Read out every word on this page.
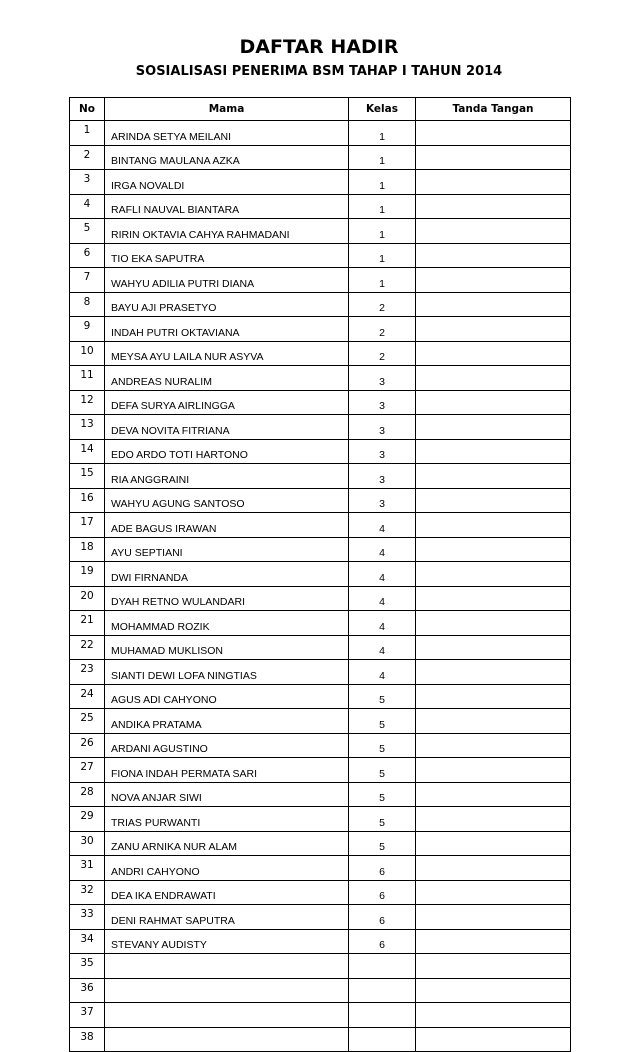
DAFTAR HADIR
SOSIALISASI PENERIMA BSM TAHAP I TAHUN 2014
No	Mama	Kelas	Tanda Tangan
1	ARINDA SETYA MEILANI	1	
2	BINTANG MAULANA AZKA	1	
3	IRGA NOVALDI	1	
4	RAFLI NAUVAL BIANTARA	1	
5	RIRIN OKTAVIA CAHYA RAHMADANI	1	
6	TIO EKA SAPUTRA	1	
7	WAHYU ADILIA PUTRI DIANA	1	
8	BAYU AJI PRASETYO	2	
9	INDAH PUTRI OKTAVIANA	2	
10	MEYSA AYU LAILA NUR ASYVA	2	
11	ANDREAS NURALIM	3	
12	DEFA SURYA AIRLINGGA	3	
13	DEVA NOVITA FITRIANA	3	
14	EDO ARDO TOTI HARTONO	3	
15	RIA ANGGRAINI	3	
16	WAHYU AGUNG SANTOSO	3	
17	ADE BAGUS IRAWAN	4	
18	AYU SEPTIANI	4	
19	DWI FIRNANDA	4	
20	DYAH RETNO WULANDARI	4	
21	MOHAMMAD ROZIK	4	
22	MUHAMAD MUKLISON	4	
23	SIANTI DEWI LOFA NINGTIAS	4	
24	AGUS ADI CAHYONO	5	
25	ANDIKA PRATAMA	5	
26	ARDANI AGUSTINO	5	
27	FIONA INDAH PERMATA SARI	5	
28	NOVA ANJAR SIWI	5	
29	TRIAS PURWANTI	5	
30	ZANU ARNIKA NUR ALAM	5	
31	ANDRI CAHYONO	6	
32	DEA IKA ENDRAWATI	6	
33	DENI RAHMAT SAPUTRA	6	
34	STEVANY AUDISTY	6	
35			
36			
37			
38			
